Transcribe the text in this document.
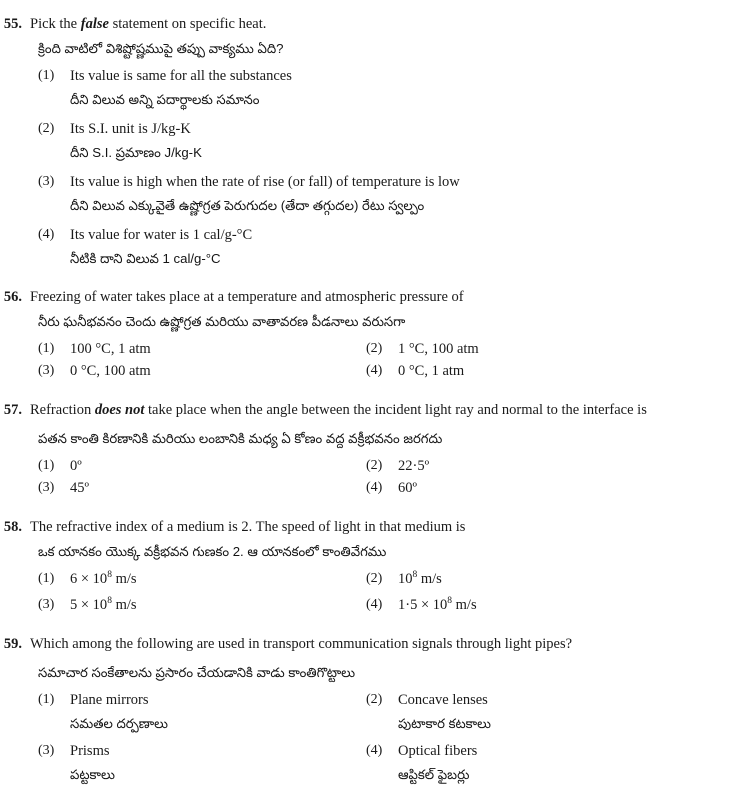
55. Pick the false statement on specific heat.
క్రింది వాటిలో విశిష్టోష్ణముపై తప్పు వాక్యము ఏది?
(1)	Its value is same for all the substances
దీని విలువ అన్ని పదార్థాలకు సమానం
(2)	Its S.I. unit is J/kg-K
దీని S.I. ప్రమాణం J/kg-K
(3)	Its value is high when the rate of rise (or fall) of temperature is low
దీని విలువ ఎక్కువైతే ఉష్ణోగ్రత పెరుగుదల (తేదా తగ్గుదల) రేటు స్వల్పం
(4)	Its value for water is 1 cal/g-°C
నీటికి దాని విలువ 1 cal/g-°C
56. Freezing of water takes place at a temperature and atmospheric pressure of
నీరు ఘనీభవనం చెందు ఉష్ణోగ్రత మరియు వాతావరణ పీడనాలు వరుసగా
(1)	100 °C, 1 atm	(2)	1 °C, 100 atm
(3)	0 °C, 100 atm	(4)	0 °C, 1 atm
57. Refraction does not take place when the angle between the incident light ray and normal to the interface is
పతన కాంతి కిరణానికి మరియు లంబానికి మధ్య ఏ కోణం వద్ద వక్రీభవనం జరగదు
(1)	0º	(2)	22·5º
(3)	45º	(4)	60º
58. The refractive index of a medium is 2. The speed of light in that medium is
ఒక యానకం యొక్క వక్రీభవన గుణకం 2. ఆ యానకంలో కాంతివేగము
(1)	$6 \times 10^8$ m/s	(2)	$10^8$ m/s
(3)	$5 \times 10^8$ m/s	(4)	$1\cdot 5 \times 10^8$ m/s
59. Which among the following are used in transport communication signals through light pipes?
సమాచార సంకేతాలను ప్రసారం చేయడానికి వాడు కాంతిగొట్టాలు
(1)	Plane mirrors
సమతల దర్పణాలు
(2)	Concave lenses
పుటాకార కటకాలు
(3)	Prisms
పట్టకాలు
(4)	Optical fibers
ఆప్టికల్ ఫైబర్లు
